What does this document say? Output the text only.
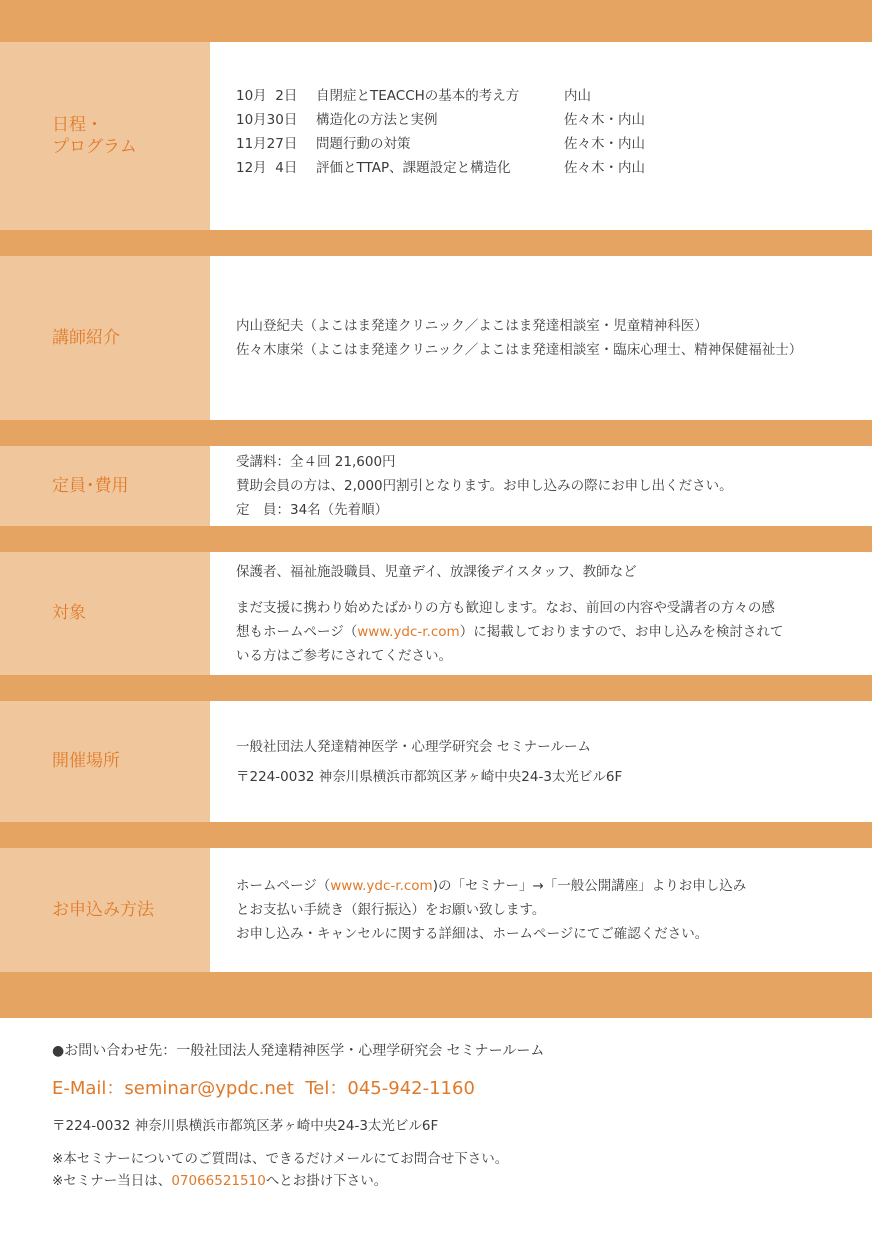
日程・
プログラム
10月  2日	自閉症とTEACCHの基本的考え方	内山
10月30日	構造化の方法と実例	佐々木・内山
11月27日	問題行動の対策	佐々木・内山
12月  4日	評価とTTAP、課題設定と構造化	佐々木・内山
講師紹介
内山登紀夫（よこはま発達クリニック／よこはま発達相談室・児童精神科医）
佐々木康栄（よこはま発達クリニック／よこはま発達相談室・臨床心理士、精神保健福祉士）
定員･費用
受講料：全４回 21,600円
賛助会員の方は、2,000円割引となります。お申し込みの際にお申し出ください。
定　員：34名（先着順）
対象
保護者、福祉施設職員、児童デイ、放課後デイスタッフ、教師など
まだ支援に携わり始めたばかりの方も歓迎します。なお、前回の内容や受講者の方々の感
想もホームページ（www.ydc-r.com）に掲載しておりますので、お申し込みを検討されて
いる方はご参考にされてください。
開催場所
一般社団法人発達精神医学・心理学研究会 セミナールーム
〒224-0032 神奈川県横浜市都筑区茅ヶ崎中央24-3太光ビル6F
お申込み方法
ホームページ（www.ydc-r.com)の「セミナー」→「一般公開講座」よりお申し込み
とお支払い手続き（銀行振込）をお願い致します。
お申し込み・キャンセルに関する詳細は、ホームページにてご確認ください。
●お問い合わせ先：一般社団法人発達精神医学・心理学研究会 セミナールーム
E-Mail：seminar@ypdc.net Tel：045-942-1160
〒224-0032 神奈川県横浜市都筑区茅ヶ崎中央24-3太光ビル6F
※本セミナーについてのご質問は、できるだけメールにてお問合せ下さい。
※セミナー当日は、07066521510へとお掛け下さい。
